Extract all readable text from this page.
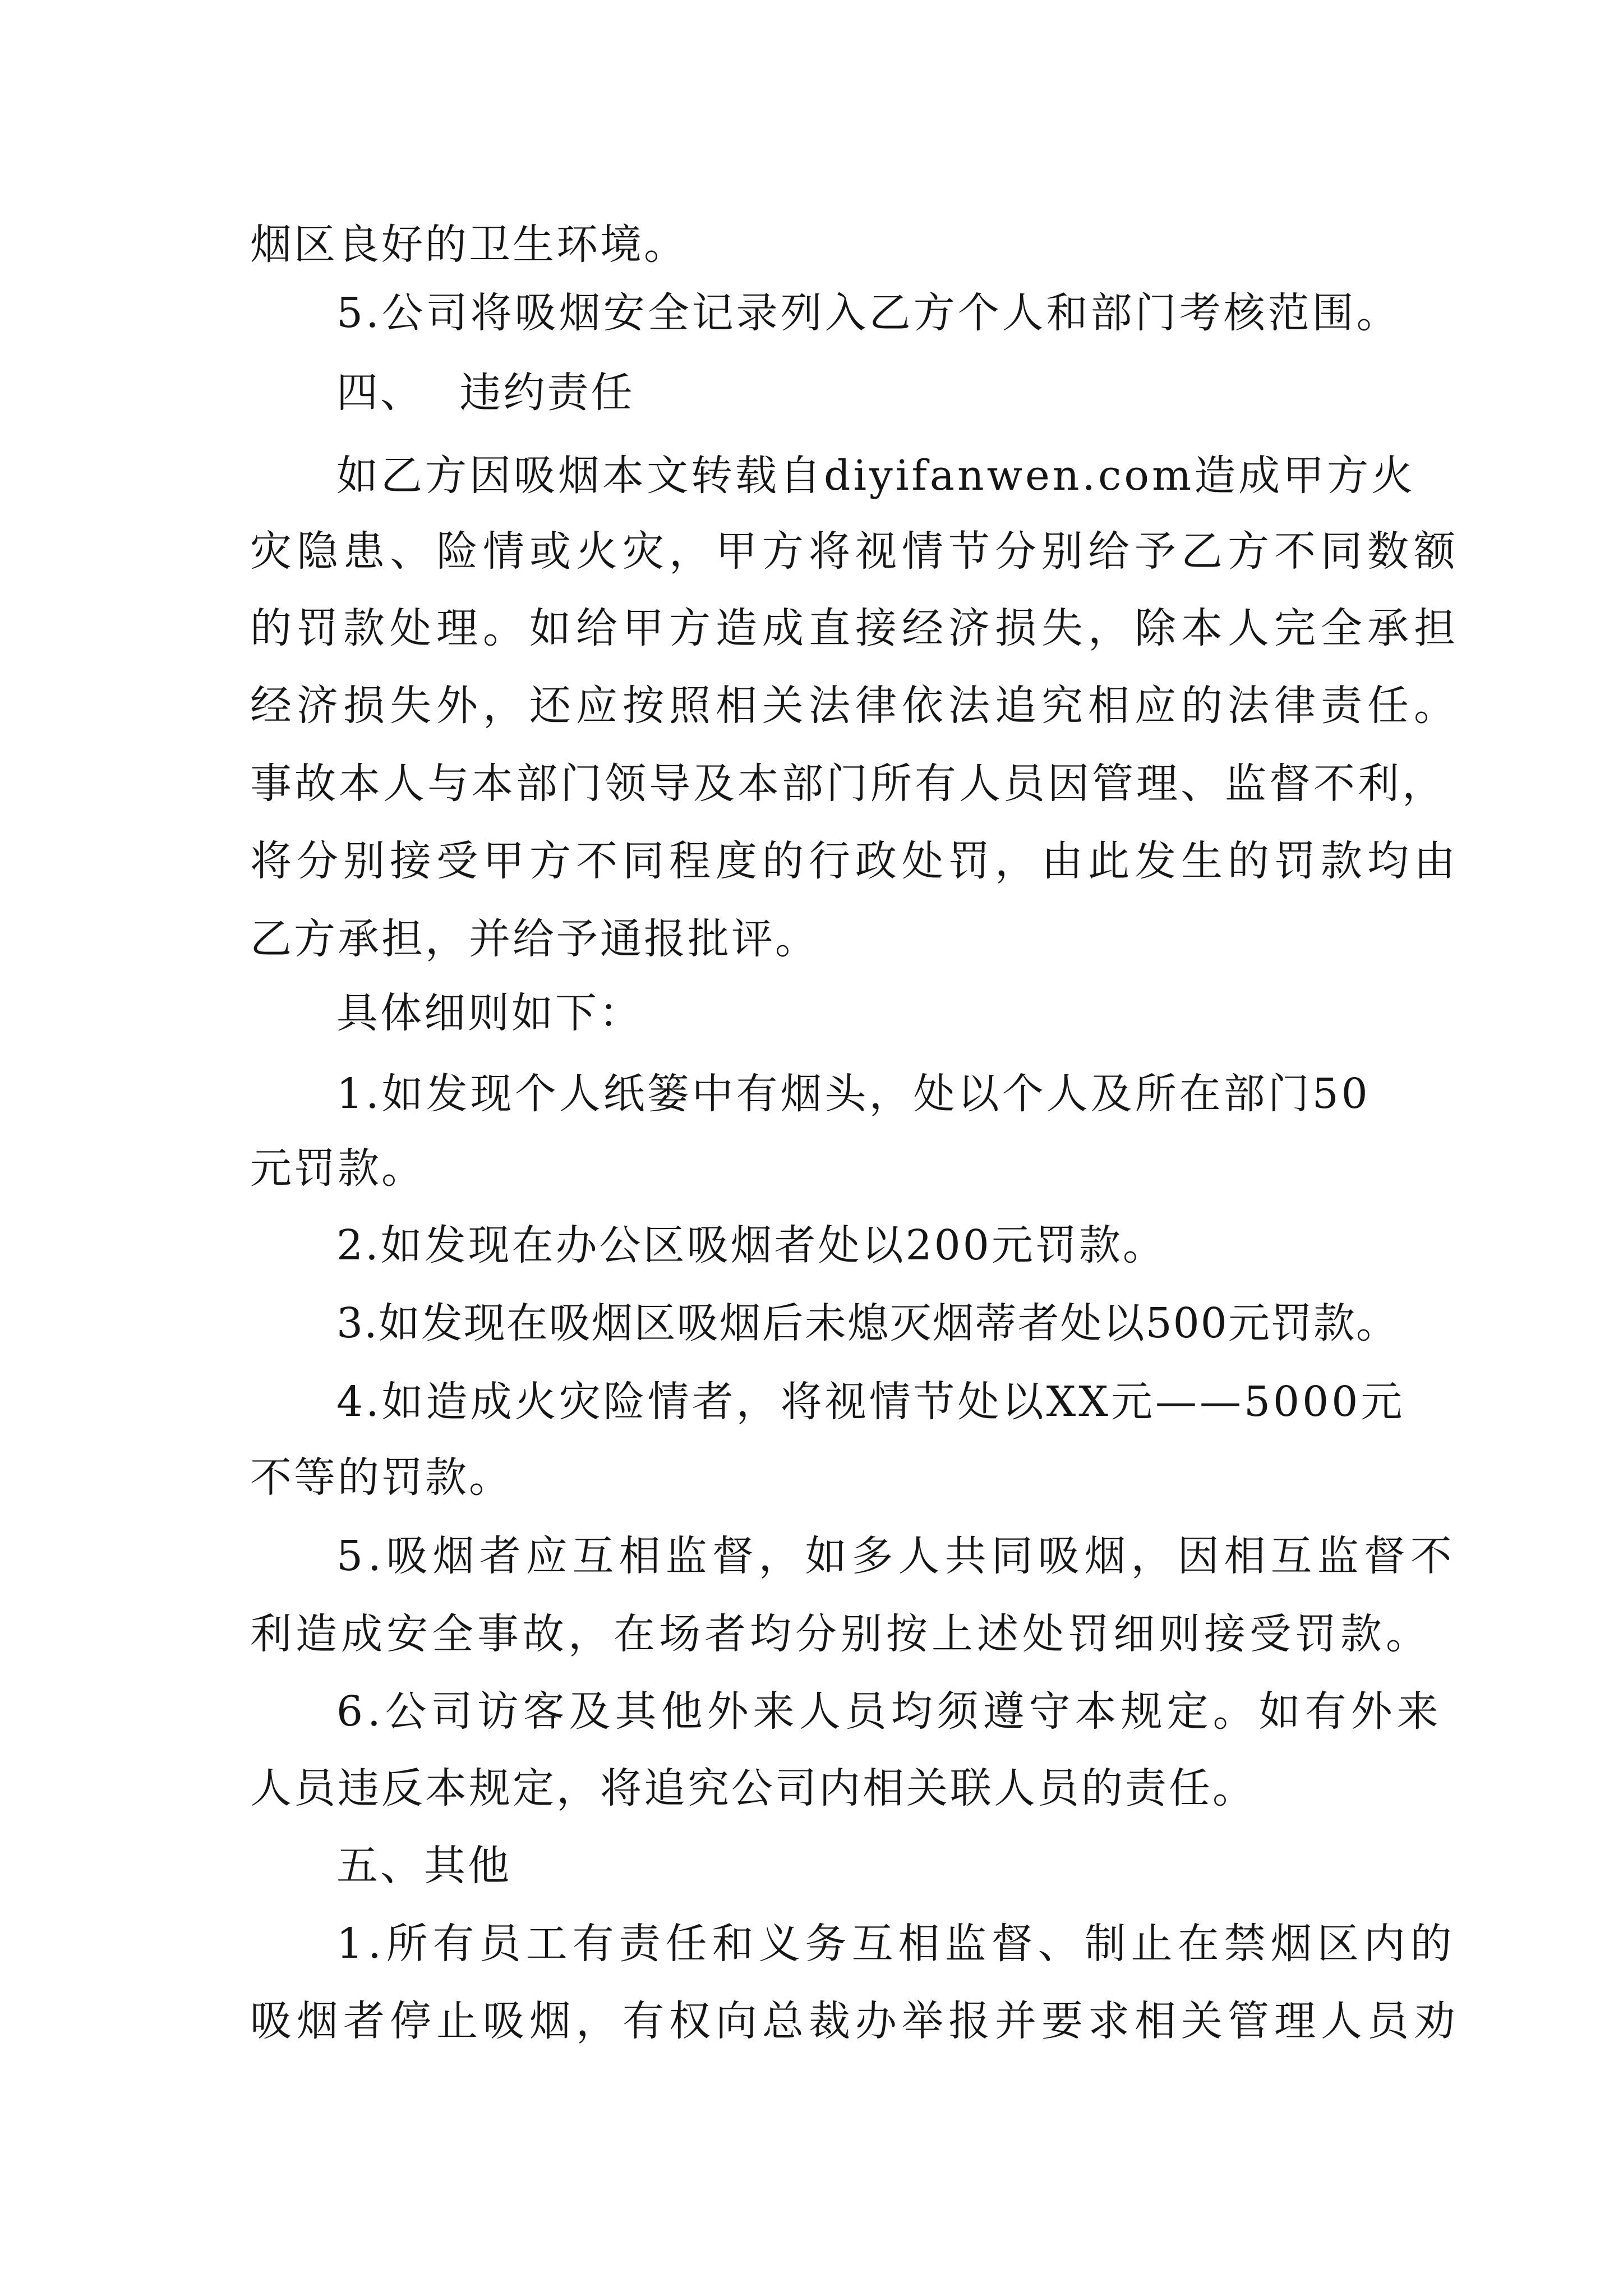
烟区良好的卫生环境。
5.公司将吸烟安全记录列入乙方个人和部门考核范围。
四、 违约责任
如乙方因吸烟本文转载自diyifanwen.com造成甲方火
灾隐患、险情或火灾，甲方将视情节分别给予乙方不同数额
的罚款处理。如给甲方造成直接经济损失，除本人完全承担
经济损失外，还应按照相关法律依法追究相应的法律责任。
事故本人与本部门领导及本部门所有人员因管理、监督不利，
将分别接受甲方不同程度的行政处罚，由此发生的罚款均由
乙方承担，并给予通报批评。
具体细则如下：
1.如发现个人纸篓中有烟头，处以个人及所在部门50
元罚款。
2.如发现在办公区吸烟者处以200元罚款。
3.如发现在吸烟区吸烟后未熄灭烟蒂者处以500元罚款。
4.如造成火灾险情者，将视情节处以XX元——5000元
不等的罚款。
5.吸烟者应互相监督，如多人共同吸烟，因相互监督不
利造成安全事故，在场者均分别按上述处罚细则接受罚款。
6.公司访客及其他外来人员均须遵守本规定。如有外来
人员违反本规定，将追究公司内相关联人员的责任。
五、其他
1.所有员工有责任和义务互相监督、制止在禁烟区内的
吸烟者停止吸烟，有权向总裁办举报并要求相关管理人员劝
